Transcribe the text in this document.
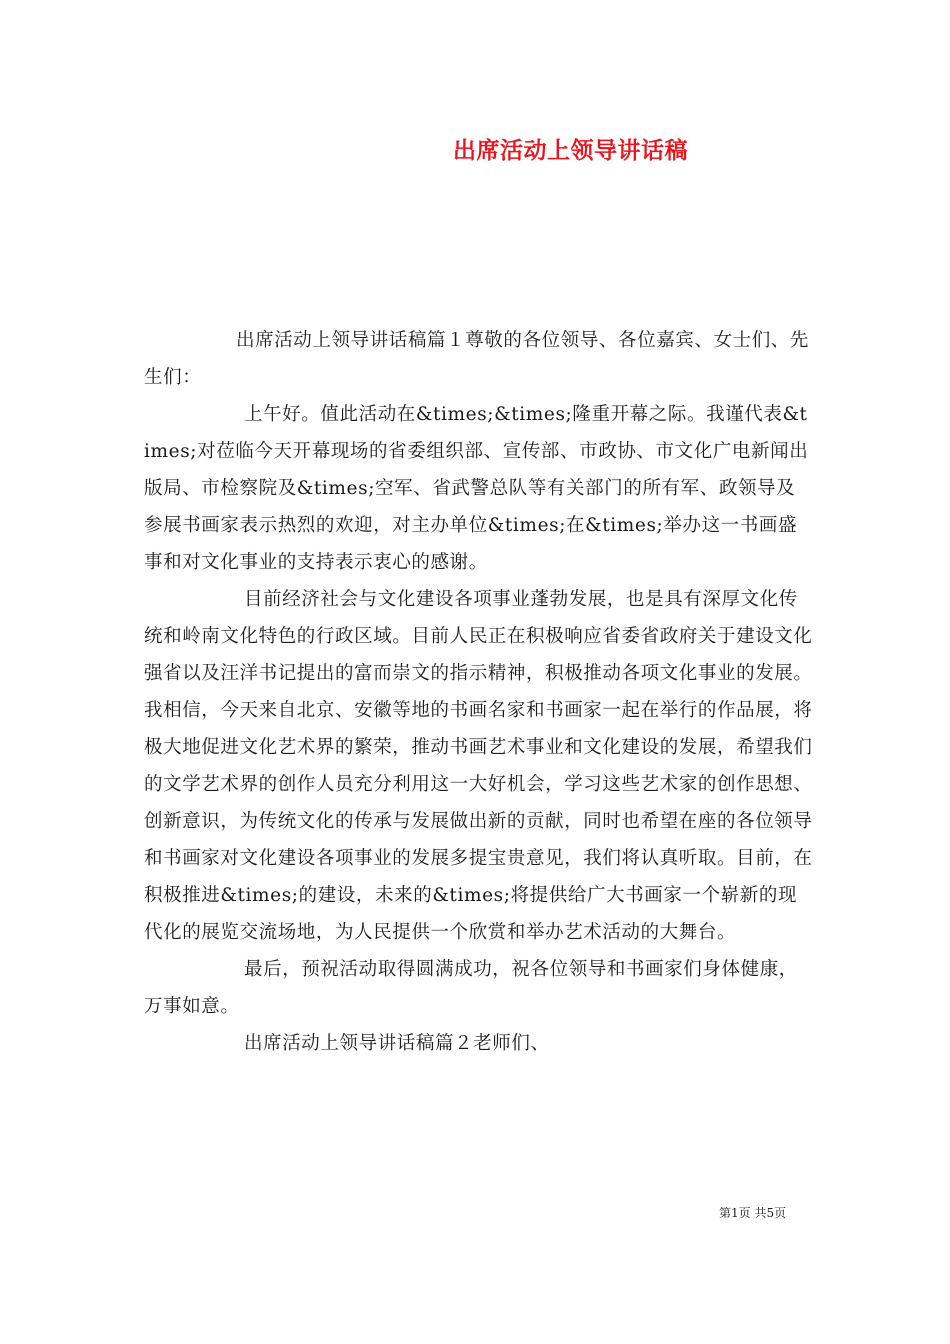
出席活动上领导讲话稿

出席活动上领导讲话稿篇１尊敬的各位领导、各位嘉宾、女士们、先生们：

上午好。值此活动在&times;&times;隆重开幕之际。我谨代表&times;对莅临今天开幕现场的省委组织部、宣传部、市政协、市文化广电新闻出版局、市检察院及&times;空军、省武警总队等有关部门的所有军、政领导及参展书画家表示热烈的欢迎，对主办单位&times;在&times;举办这一书画盛事和对文化事业的支持表示衷心的感谢。

目前经济社会与文化建设各项事业蓬勃发展，也是具有深厚文化传统和岭南文化特色的行政区域。目前人民正在积极响应省委省政府关于建设文化强省以及汪洋书记提出的富而崇文的指示精神，积极推动各项文化事业的发展。我相信，今天来自北京、安徽等地的书画名家和书画家一起在举行的作品展，将极大地促进文化艺术界的繁荣，推动书画艺术事业和文化建设的发展，希望我们的文学艺术界的创作人员充分利用这一大好机会，学习这些艺术家的创作思想、创新意识，为传统文化的传承与发展做出新的贡献，同时也希望在座的各位领导和书画家对文化建设各项事业的发展多提宝贵意见，我们将认真听取。目前，在积极推进&times;的建设，未来的&times;将提供给广大书画家一个崭新的现代化的展览交流场地，为人民提供一个欣赏和举办艺术活动的大舞台。

最后，预祝活动取得圆满成功，祝各位领导和书画家们身体健康，万事如意。

出席活动上领导讲话稿篇２老师们、

第1页 共5页
